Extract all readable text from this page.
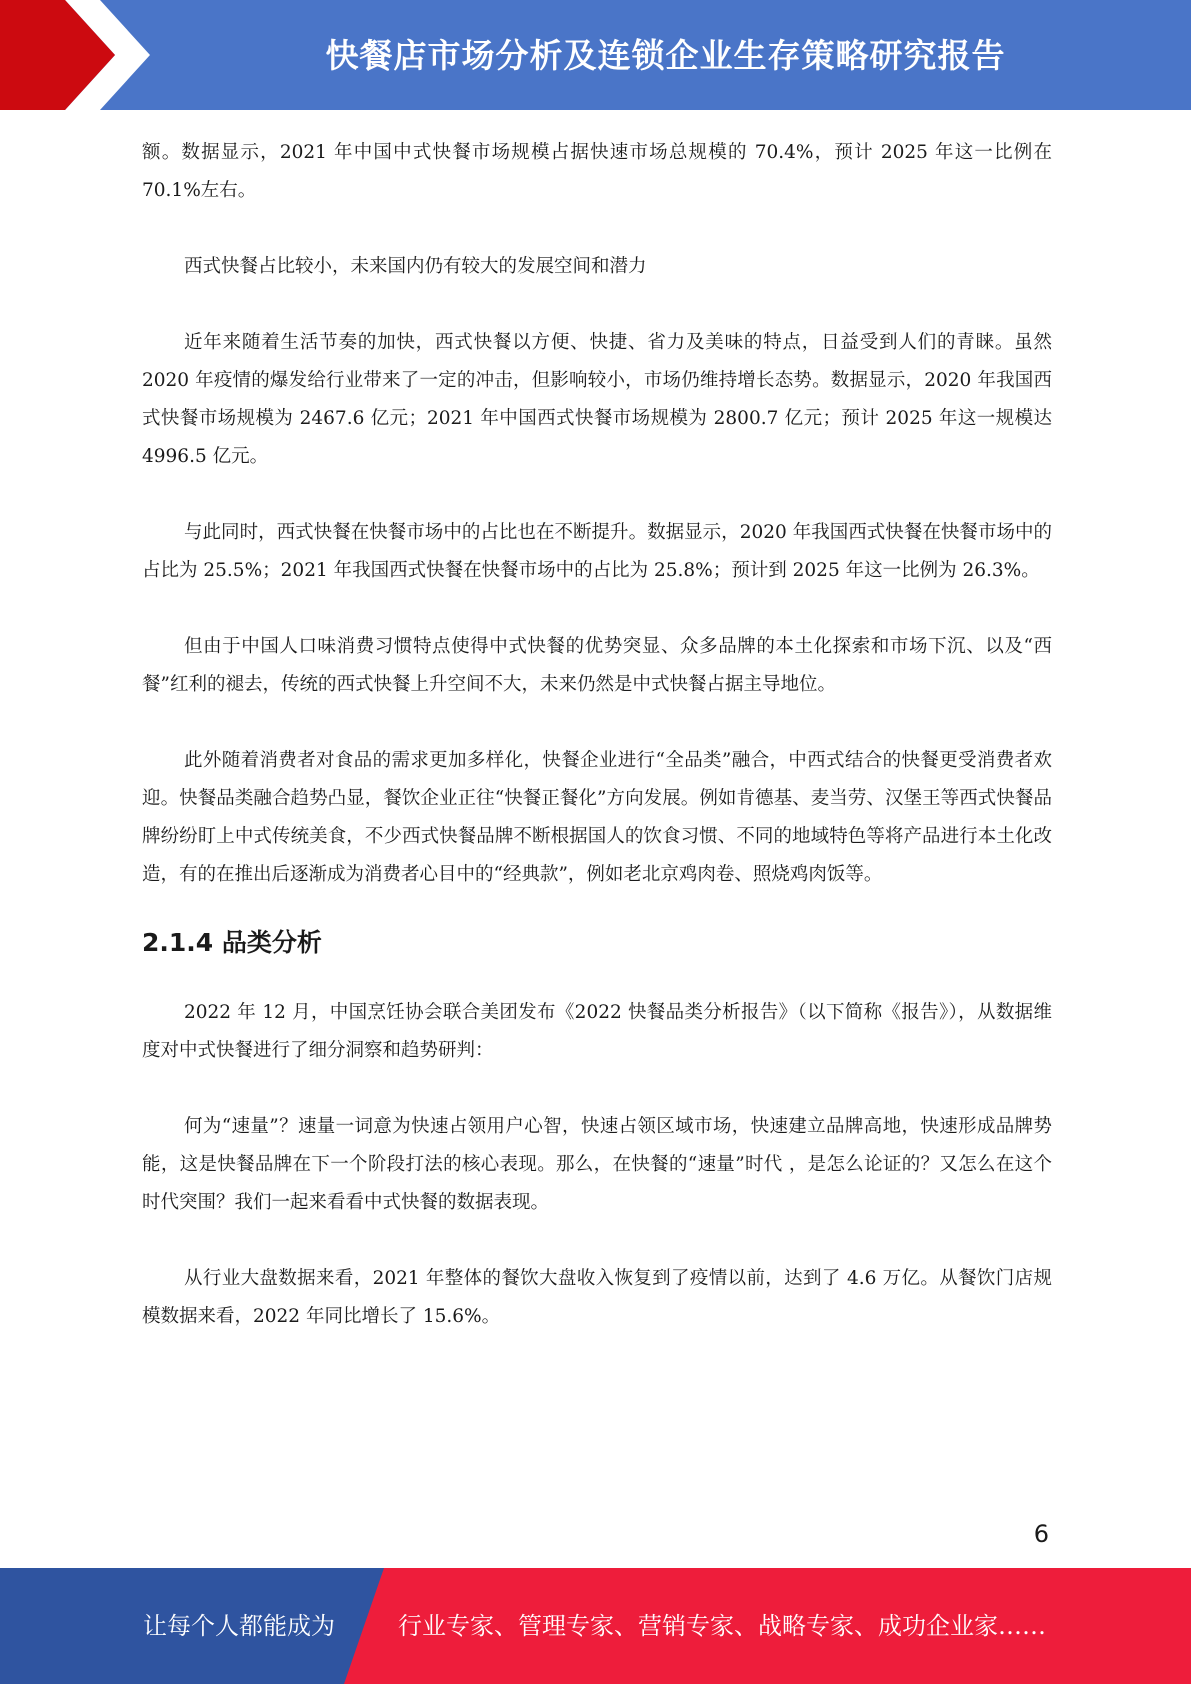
快餐店市场分析及连锁企业生存策略研究报告

额。数据显示，2021 年中国中式快餐市场规模占据快速市场总规模的 70.4%，预计 2025 年这一比例在 70.1%左右。

西式快餐占比较小，未来国内仍有较大的发展空间和潜力

近年来随着生活节奏的加快，西式快餐以方便、快捷、省力及美味的特点，日益受到人们的青睐。虽然 2020 年疫情的爆发给行业带来了一定的冲击，但影响较小，市场仍维持增长态势。数据显示，2020 年我国西式快餐市场规模为 2467.6 亿元；2021 年中国西式快餐市场规模为 2800.7 亿元；预计 2025 年这一规模达 4996.5 亿元。

与此同时，西式快餐在快餐市场中的占比也在不断提升。数据显示，2020 年我国西式快餐在快餐市场中的占比为 25.5%；2021 年我国西式快餐在快餐市场中的占比为 25.8%；预计到 2025 年这一比例为 26.3%。

但由于中国人口味消费习惯特点使得中式快餐的优势突显、众多品牌的本土化探索和市场下沉、以及“西餐”红利的褪去，传统的西式快餐上升空间不大，未来仍然是中式快餐占据主导地位。

此外随着消费者对食品的需求更加多样化，快餐企业进行“全品类”融合，中西式结合的快餐更受消费者欢迎。快餐品类融合趋势凸显，餐饮企业正往“快餐正餐化”方向发展。例如肯德基、麦当劳、汉堡王等西式快餐品牌纷纷盯上中式传统美食，不少西式快餐品牌不断根据国人的饮食习惯、不同的地域特色等将产品进行本土化改造，有的在推出后逐渐成为消费者心目中的“经典款”，例如老北京鸡肉卷、照烧鸡肉饭等。

2.1.4 品类分析

2022 年 12 月，中国烹饪协会联合美团发布《2022 快餐品类分析报告》（以下简称《报告》），从数据维度对中式快餐进行了细分洞察和趋势研判：

何为“速量”？速量一词意为快速占领用户心智，快速占领区域市场，快速建立品牌高地，快速形成品牌势能，这是快餐品牌在下一个阶段打法的核心表现。那么，在快餐的“速量”时代 ，是怎么论证的？又怎么在这个时代突围？我们一起来看看中式快餐的数据表现。

从行业大盘数据来看，2021 年整体的餐饮大盘收入恢复到了疫情以前，达到了 4.6 万亿。从餐饮门店规模数据来看，2022 年同比增长了 15.6%。

6
让每个人都能成为	行业专家、管理专家、营销专家、战略专家、成功企业家……
